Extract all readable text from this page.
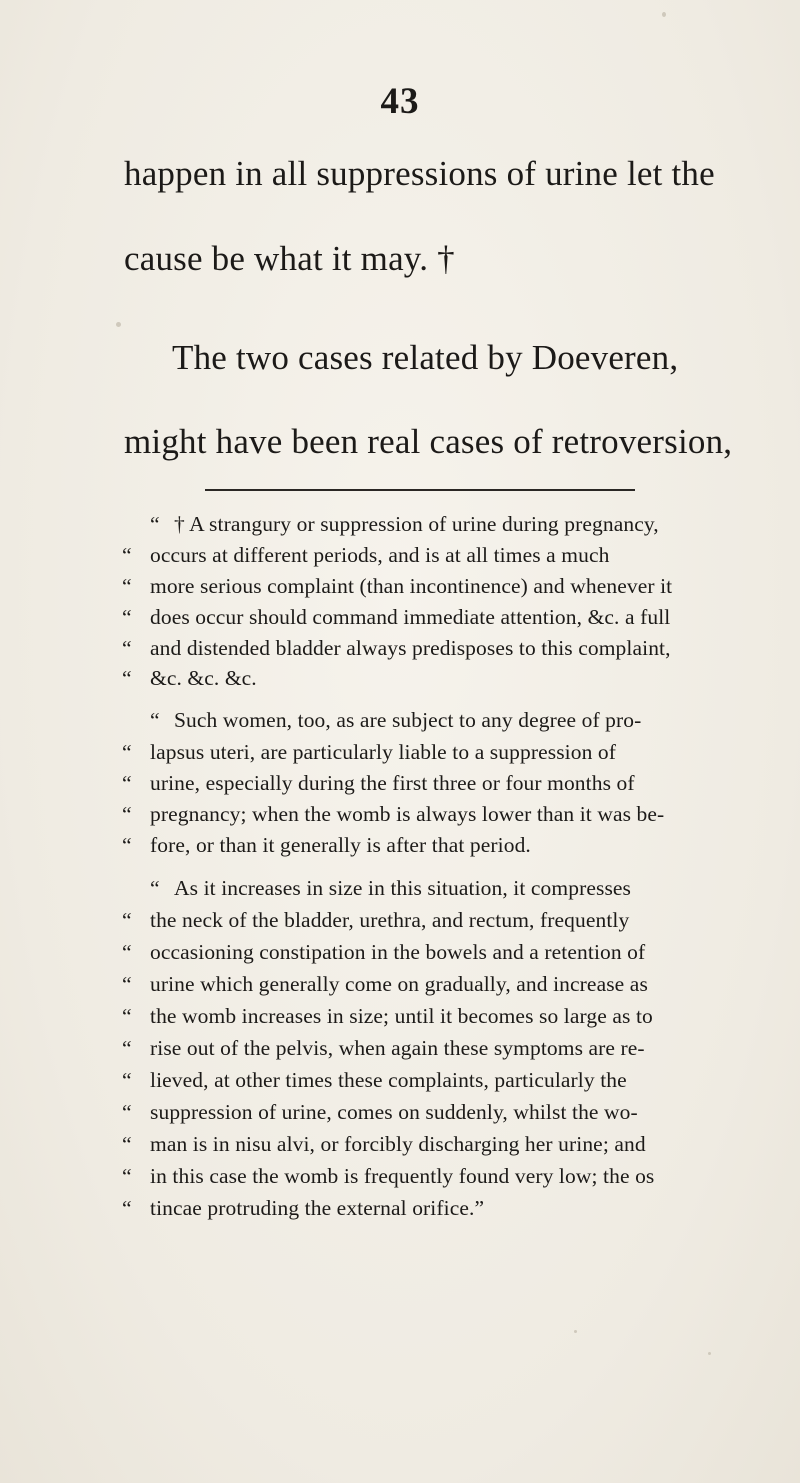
43
happen in all suppressions of urine let the
cause be what it may. †
The two cases related by Doeveren,
might have been real cases of retroversion,
“ † A strangury or suppression of urine during pregnancy,
“ occurs at different periods, and is at all times a much
“ more serious complaint (than incontinence) and whenever it
“ does occur should command immediate attention, &c. a full
“ and distended bladder always predisposes to this complaint,
“ &c. &c. &c.
“ Such women, too, as are subject to any degree of pro-
“ lapsus uteri, are particularly liable to a suppression of
“ urine, especially during the first three or four months of
“ pregnancy; when the womb is always lower than it was be-
“ fore, or than it generally is after that period.
“ As it increases in size in this situation, it compresses
“ the neck of the bladder, urethra, and rectum, frequently
“ occasioning constipation in the bowels and a retention of
“ urine which generally come on gradually, and increase as
“ the womb increases in size; until it becomes so large as to
“ rise out of the pelvis, when again these symptoms are re-
“ lieved, at other times these complaints, particularly the
“ suppression of urine, comes on suddenly, whilst the wo-
“ man is in nisu alvi, or forcibly discharging her urine; and
“ in this case the womb is frequently found very low; the os
“ tincae protruding the external orifice.”
